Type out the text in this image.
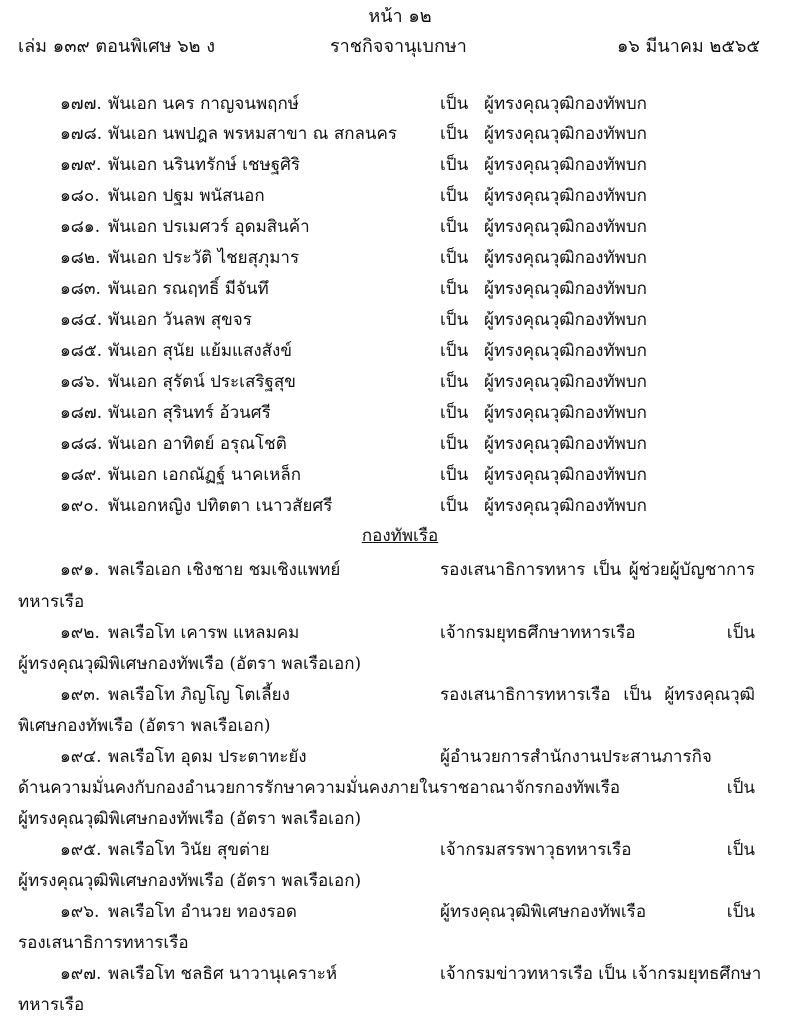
หน้า ๑๒
เล่ม ๑๓๙ ตอนพิเศษ ๖๒ ง	ราชกิจจานุเบกษา	๑๖ มีนาคม ๒๕๖๕
๑๗๗. พันเอก นคร กาญจนพฤกษ์	เป็น ผู้ทรงคุณวุฒิกองทัพบก
๑๗๘. พันเอก นพปฎล พรหมสาขา ณ สกลนคร	เป็น ผู้ทรงคุณวุฒิกองทัพบก
๑๗๙. พันเอก นรินทรักษ์ เชษฐศิริ	เป็น ผู้ทรงคุณวุฒิกองทัพบก
๑๘๐. พันเอก ปฐม พนัสนอก	เป็น ผู้ทรงคุณวุฒิกองทัพบก
๑๘๑. พันเอก ปรเมศวร์ อุดมสินค้า	เป็น ผู้ทรงคุณวุฒิกองทัพบก
๑๘๒. พันเอก ประวัติ ไชยสุภุมาร	เป็น ผู้ทรงคุณวุฒิกองทัพบก
๑๘๓. พันเอก รณฤทธิ์ มีจันทึ	เป็น ผู้ทรงคุณวุฒิกองทัพบก
๑๘๔. พันเอก วันลพ สุขจร	เป็น ผู้ทรงคุณวุฒิกองทัพบก
๑๘๕. พันเอก สุนัย แย้มแสงสังข์	เป็น ผู้ทรงคุณวุฒิกองทัพบก
๑๘๖. พันเอก สุรัตน์ ประเสริฐสุข	เป็น ผู้ทรงคุณวุฒิกองทัพบก
๑๘๗. พันเอก สุรินทร์ อ้วนศรี	เป็น ผู้ทรงคุณวุฒิกองทัพบก
๑๘๘. พันเอก อาทิตย์ อรุณโชติ	เป็น ผู้ทรงคุณวุฒิกองทัพบก
๑๘๙. พันเอก เอกณัฏฐ์ นาคเหล็ก	เป็น ผู้ทรงคุณวุฒิกองทัพบก
๑๙๐. พันเอกหญิง ปทิตตา เนาวสัยศรี	เป็น ผู้ทรงคุณวุฒิกองทัพบก
กองทัพเรือ
๑๙๑. พลเรือเอก เชิงชาย ชมเชิงแพทย์	รองเสนาธิการทหาร เป็น ผู้ช่วยผู้บัญชาการ
ทหารเรือ
๑๙๒. พลเรือโท เคารพ แหลมคม	เจ้ากรมยุทธศึกษาทหารเรือ เป็น
ผู้ทรงคุณวุฒิพิเศษกองทัพเรือ (อัตรา พลเรือเอก)
๑๙๓. พลเรือโท ภิญโญ โตเลี้ยง	รองเสนาธิการทหารเรือ เป็น ผู้ทรงคุณวุฒิ
พิเศษกองทัพเรือ (อัตรา พลเรือเอก)
๑๙๔. พลเรือโท อุดม ประตาทะยัง	ผู้อำนวยการสำนักงานประสานภารกิจ
ด้านความมั่นคงกับกองอำนวยการรักษาความมั่นคงภายในราชอาณาจักรกองทัพเรือ เป็น
ผู้ทรงคุณวุฒิพิเศษกองทัพเรือ (อัตรา พลเรือเอก)
๑๙๕. พลเรือโท วินัย สุขต่าย	เจ้ากรมสรรพาวุธทหารเรือ เป็น
ผู้ทรงคุณวุฒิพิเศษกองทัพเรือ (อัตรา พลเรือเอก)
๑๙๖. พลเรือโท อำนวย ทองรอด	ผู้ทรงคุณวุฒิพิเศษกองทัพเรือ เป็น
รองเสนาธิการทหารเรือ
๑๙๗. พลเรือโท ชลธิศ นาวานุเคราะห์	เจ้ากรมข่าวทหารเรือ เป็น เจ้ากรมยุทธศึกษา
ทหารเรือ
